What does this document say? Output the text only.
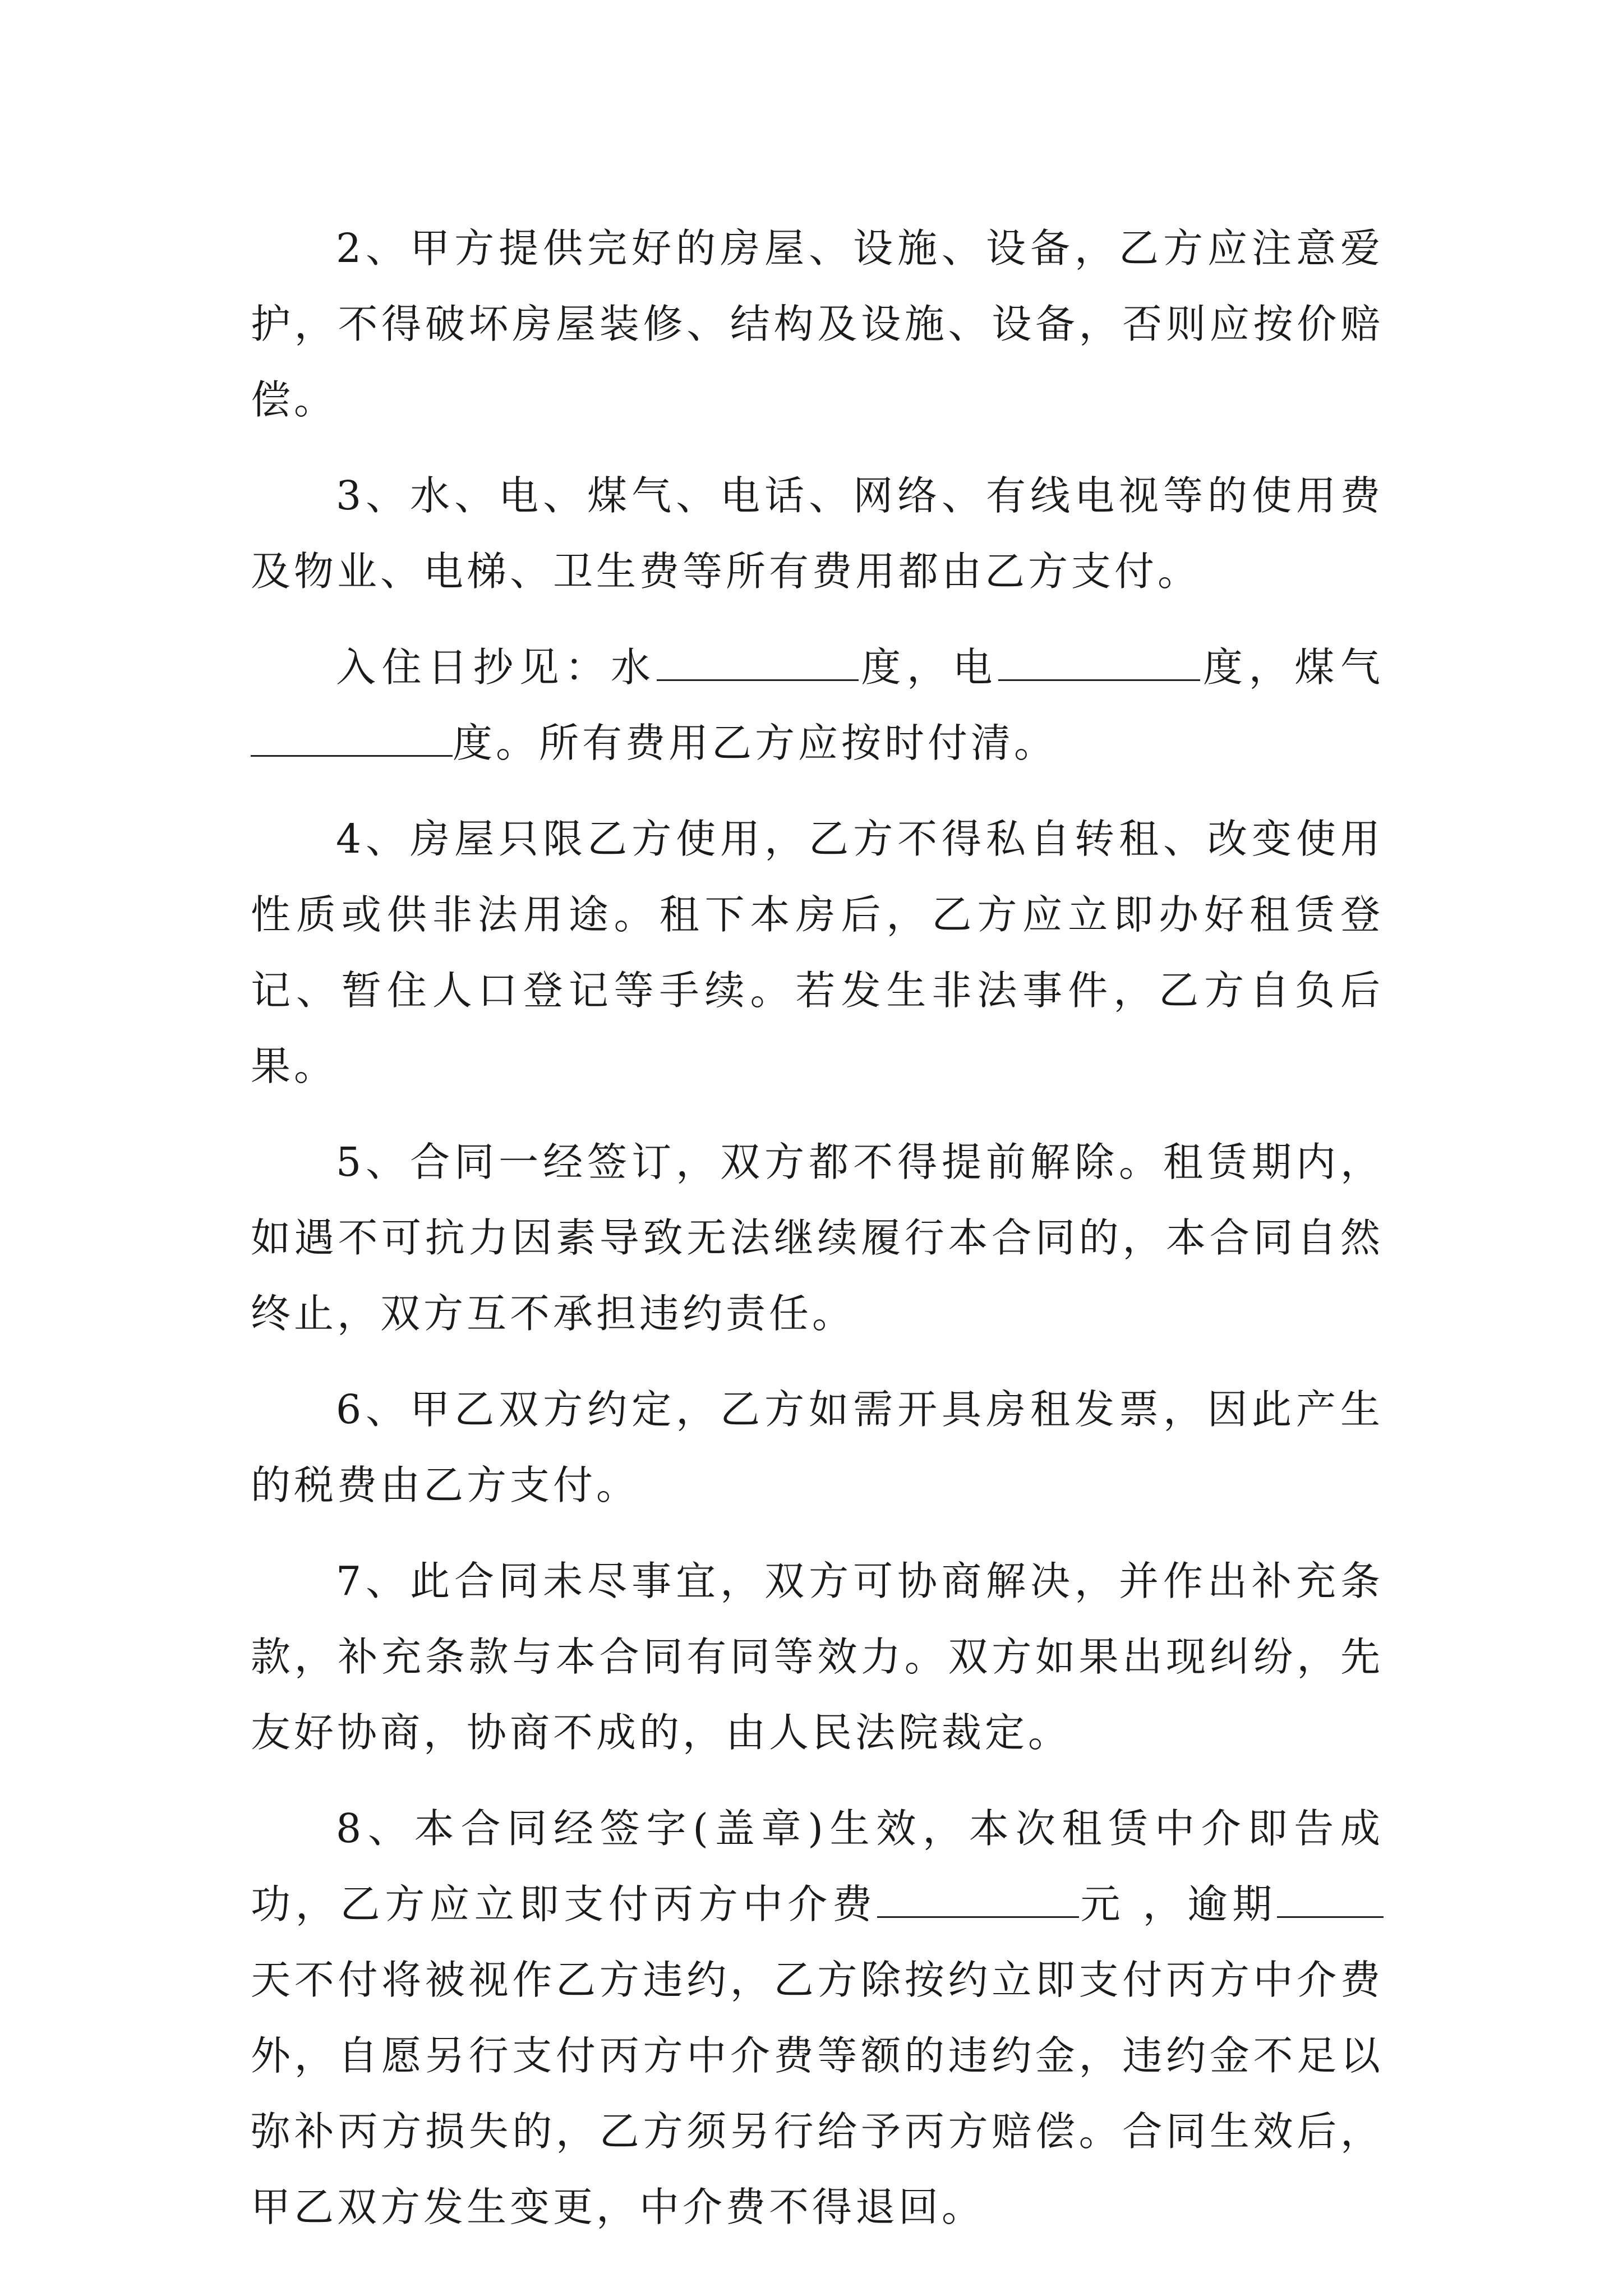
2、甲方提供完好的房屋、设施、设备，乙方应注意爱护，不得破坏房屋装修、结构及设施、设备，否则应按价赔偿。

3、水、电、煤气、电话、网络、有线电视等的使用费及物业、电梯、卫生费等所有费用都由乙方支付。

入住日抄见：水	度，电	度，煤气度。所有费用乙方应按时付清。

4、房屋只限乙方使用，乙方不得私自转租、改变使用性质或供非法用途。租下本房后，乙方应立即办好租赁登记、暂住人口登记等手续。若发生非法事件，乙方自负后果。

5、合同一经签订，双方都不得提前解除。租赁期内，如遇不可抗力因素导致无法继续履行本合同的，本合同自然终止，双方互不承担违约责任。

6、甲乙双方约定，乙方如需开具房租发票，因此产生的税费由乙方支付。

7、此合同未尽事宜，双方可协商解决，并作出补充条款，补充条款与本合同有同等效力。双方如果出现纠纷，先友好协商，协商不成的，由人民法院裁定。

8、本合同经签字(盖章)生效，本次租赁中介即告成功，乙方应立即支付丙方中介费	元 ，逾期天不付将被视作乙方违约，乙方除按约立即支付丙方中介费外，自愿另行支付丙方中介费等额的违约金，违约金不足以弥补丙方损失的，乙方须另行给予丙方赔偿。合同生效后，甲乙双方发生变更，中介费不得退回。
